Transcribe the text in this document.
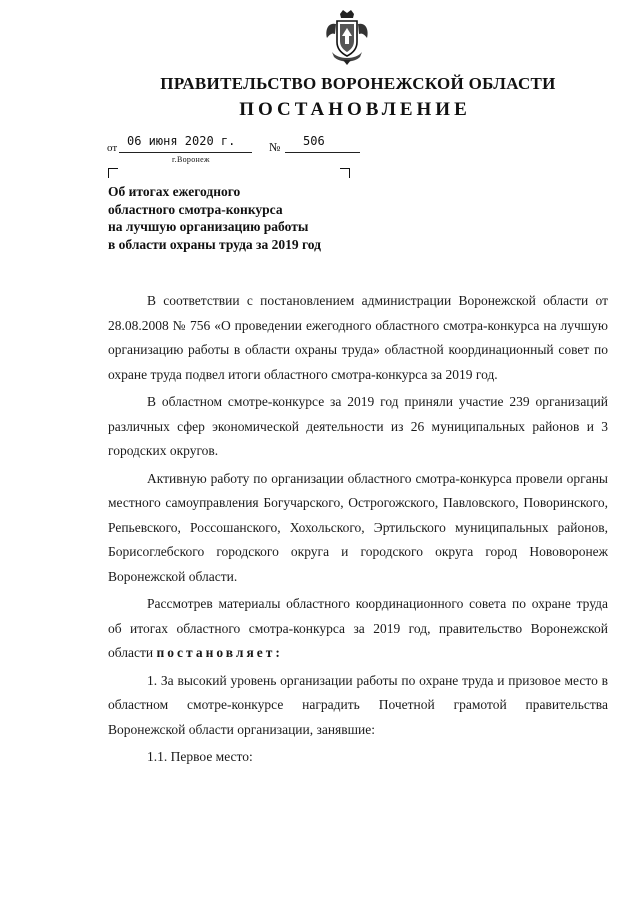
ПРАВИТЕЛЬСТВО ВОРОНЕЖСКОЙ ОБЛАСТИ
ПОСТАНОВЛЕНИЕ
от 06 июня 2020 г.	№ 506
г.Воронеж
Об итогах ежегодного
областного смотра-конкурса
на лучшую организацию работы
в области охраны труда за 2019 год

В соответствии с постановлением администрации Воронежской области от 28.08.2008 № 756 «О проведении ежегодного областного смотра-конкурса на лучшую организацию работы в области охраны труда» областной координационный совет по охране труда подвел итоги областного смотра-конкурса за 2019 год.

В областном смотре-конкурсе за 2019 год приняли участие 239 организаций различных сфер экономической деятельности из 26 муниципальных районов и 3 городских округов.

Активную работу по организации областного смотра-конкурса провели органы местного самоуправления Богучарского, Острогожского, Павловского, Поворинского, Репьевского, Россошанского, Хохольского, Эртильского муниципальных районов, Борисоглебского городского округа и городского округа город Нововоронеж Воронежской области.

Рассмотрев материалы областного координационного совета по охране труда об итогах областного смотра-конкурса за 2019 год, правительство Воронежской области постановляет:

1. За высокий уровень организации работы по охране труда и призовое место в областном смотре-конкурсе наградить Почетной грамотой правительства Воронежской области организации, занявшие:

1.1. Первое место:
